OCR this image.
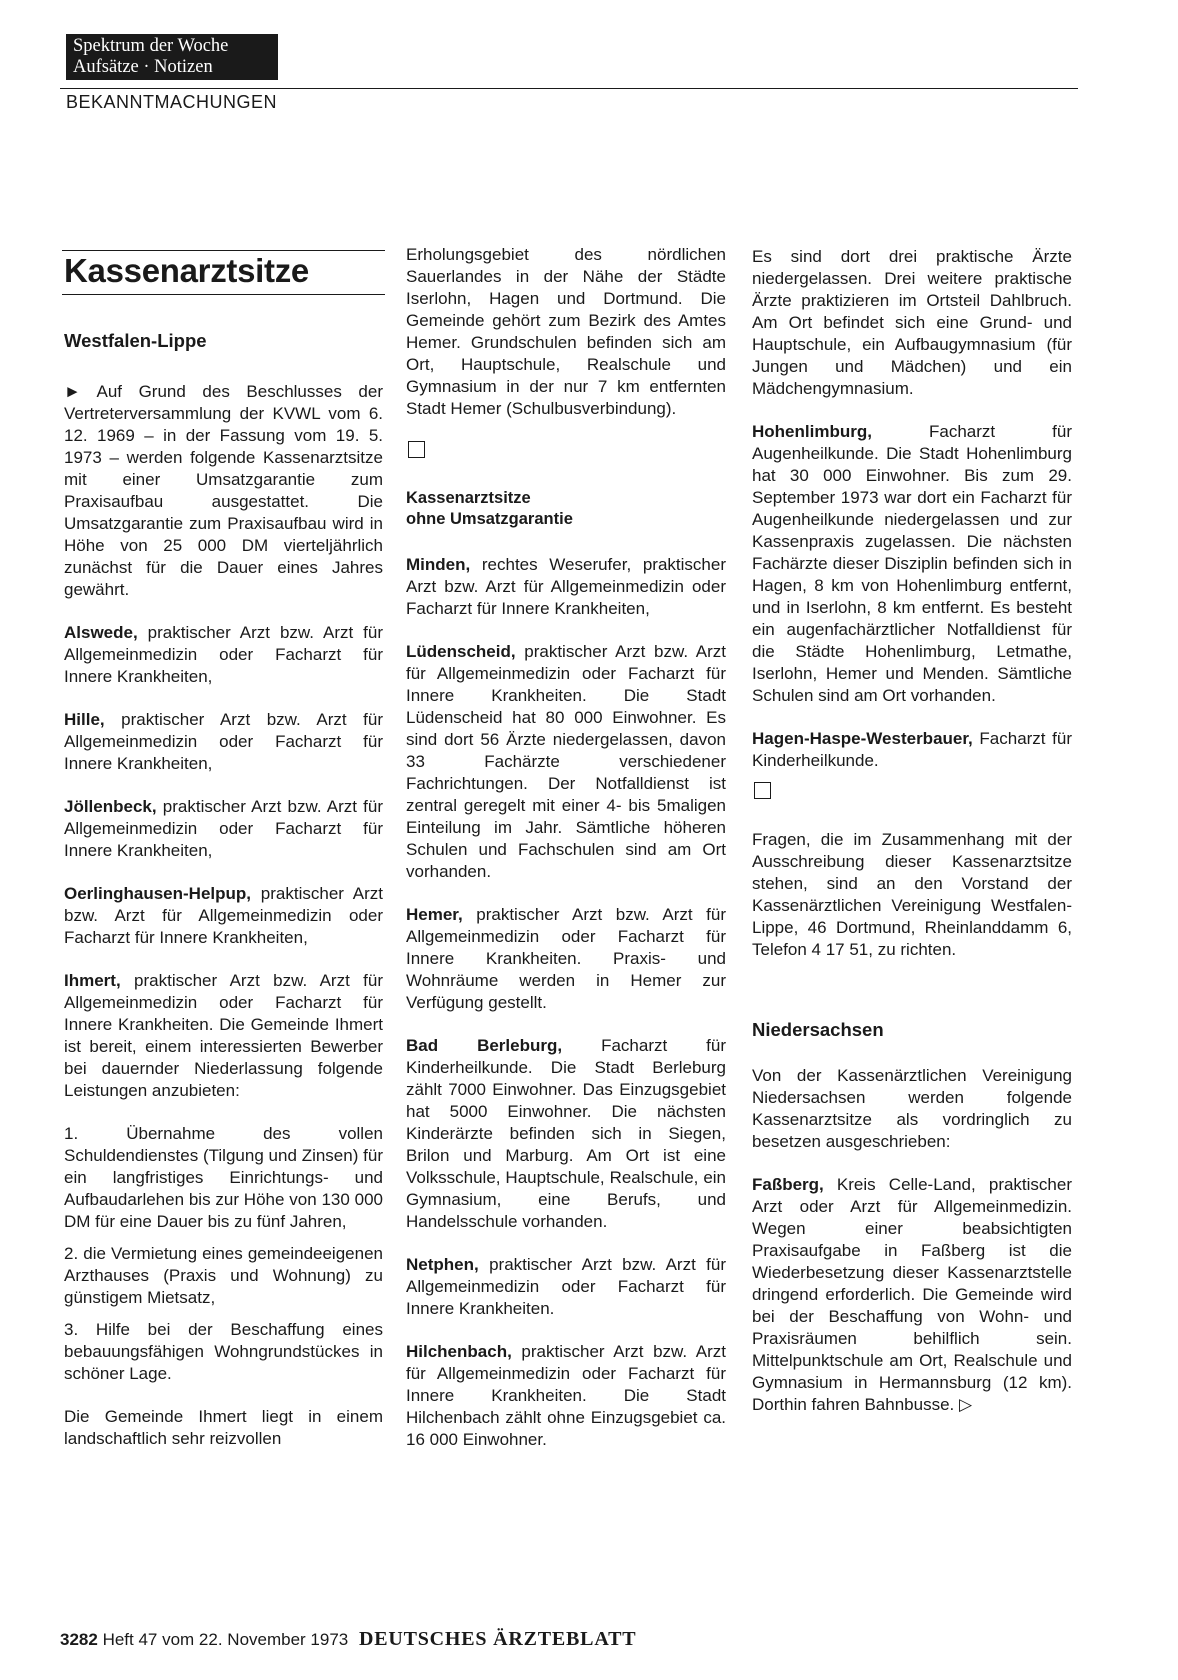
Spektrum der Woche
Aufsätze · Notizen
BEKANNTMACHUNGEN
Kassenarztsitze
Westfalen-Lippe

► Auf Grund des Beschlusses der Vertreterversammlung der KVWL vom 6. 12. 1969 – in der Fassung vom 19. 5. 1973 – werden folgende Kassenarztsitze mit einer Umsatzgarantie zum Praxisaufbau ausgestattet. Die Umsatzgarantie zum Praxisaufbau wird in Höhe von 25 000 DM vierteljährlich zunächst für die Dauer eines Jahres gewährt.

Alswede, praktischer Arzt bzw. Arzt für Allgemeinmedizin oder Facharzt für Innere Krankheiten,

Hille, praktischer Arzt bzw. Arzt für Allgemeinmedizin oder Facharzt für Innere Krankheiten,

Jöllenbeck, praktischer Arzt bzw. Arzt für Allgemeinmedizin oder Facharzt für Innere Krankheiten,

Oerlinghausen-Helpup, praktischer Arzt bzw. Arzt für Allgemeinmedizin oder Facharzt für Innere Krankheiten,

Ihmert, praktischer Arzt bzw. Arzt für Allgemeinmedizin oder Facharzt für Innere Krankheiten. Die Gemeinde Ihmert ist bereit, einem interessierten Bewerber bei dauernder Niederlassung folgende Leistungen anzubieten:

1. Übernahme des vollen Schuldendienstes (Tilgung und Zinsen) für ein langfristiges Einrichtungs- und Aufbaudarlehen bis zur Höhe von 130 000 DM für eine Dauer bis zu fünf Jahren,

2. die Vermietung eines gemeindeeigenen Arzthauses (Praxis und Wohnung) zu günstigem Mietsatz,

3. Hilfe bei der Beschaffung eines bebauungsfähigen Wohngrundstückes in schöner Lage.

Die Gemeinde Ihmert liegt in einem landschaftlich sehr reizvollen

Erholungsgebiet des nördlichen Sauerlandes in der Nähe der Städte Iserlohn, Hagen und Dortmund. Die Gemeinde gehört zum Bezirk des Amtes Hemer. Grundschulen befinden sich am Ort, Hauptschule, Realschule und Gymnasium in der nur 7 km entfernten Stadt Hemer (Schulbusverbindung).

Kassenarztsitze
ohne Umsatzgarantie

Minden, rechtes Weserufer, praktischer Arzt bzw. Arzt für Allgemeinmedizin oder Facharzt für Innere Krankheiten,

Lüdenscheid, praktischer Arzt bzw. Arzt für Allgemeinmedizin oder Facharzt für Innere Krankheiten. Die Stadt Lüdenscheid hat 80 000 Einwohner. Es sind dort 56 Ärzte niedergelassen, davon 33 Fachärzte verschiedener Fachrichtungen. Der Notfalldienst ist zentral geregelt mit einer 4- bis 5maligen Einteilung im Jahr. Sämtliche höheren Schulen und Fachschulen sind am Ort vorhanden.

Hemer, praktischer Arzt bzw. Arzt für Allgemeinmedizin oder Facharzt für Innere Krankheiten. Praxis- und Wohnräume werden in Hemer zur Verfügung gestellt.

Bad Berleburg, Facharzt für Kinderheilkunde. Die Stadt Berleburg zählt 7000 Einwohner. Das Einzugsgebiet hat 5000 Einwohner. Die nächsten Kinderärzte befinden sich in Siegen, Brilon und Marburg. Am Ort ist eine Volksschule, Hauptschule, Realschule, ein Gymnasium, eine Berufs, und Handelsschule vorhanden.

Netphen, praktischer Arzt bzw. Arzt für Allgemeinmedizin oder Facharzt für Innere Krankheiten.

Hilchenbach, praktischer Arzt bzw. Arzt für Allgemeinmedizin oder Facharzt für Innere Krankheiten. Die Stadt Hilchenbach zählt ohne Einzugsgebiet ca. 16 000 Einwohner.

Es sind dort drei praktische Ärzte niedergelassen. Drei weitere praktische Ärzte praktizieren im Ortsteil Dahlbruch. Am Ort befindet sich eine Grund- und Hauptschule, ein Aufbaugymnasium (für Jungen und Mädchen) und ein Mädchengymnasium.

Hohenlimburg, Facharzt für Augenheilkunde. Die Stadt Hohenlimburg hat 30 000 Einwohner. Bis zum 29. September 1973 war dort ein Facharzt für Augenheilkunde niedergelassen und zur Kassenpraxis zugelassen. Die nächsten Fachärzte dieser Disziplin befinden sich in Hagen, 8 km von Hohenlimburg entfernt, und in Iserlohn, 8 km entfernt. Es besteht ein augenfachärztlicher Notfalldienst für die Städte Hohenlimburg, Letmathe, Iserlohn, Hemer und Menden. Sämtliche Schulen sind am Ort vorhanden.

Hagen-Haspe-Westerbauer, Facharzt für Kinderheilkunde.

Fragen, die im Zusammenhang mit der Ausschreibung dieser Kassenarztsitze stehen, sind an den Vorstand der Kassenärztlichen Vereinigung Westfalen-Lippe, 46 Dortmund, Rheinlanddamm 6, Telefon 4 17 51, zu richten.

Niedersachsen

Von der Kassenärztlichen Vereinigung Niedersachsen werden folgende Kassenarztsitze als vordringlich zu besetzen ausgeschrieben:

Faßberg, Kreis Celle-Land, praktischer Arzt oder Arzt für Allgemeinmedizin. Wegen einer beabsichtigten Praxisaufgabe in Faßberg ist die Wiederbesetzung dieser Kassenarztstelle dringend erforderlich. Die Gemeinde wird bei der Beschaffung von Wohn- und Praxisräumen behilflich sein. Mittelpunktschule am Ort, Realschule und Gymnasium in Hermannsburg (12 km). Dorthin fahren Bahnbusse. ▷

3282 Heft 47 vom 22. November 1973 DEUTSCHES ÄRZTEBLATT
